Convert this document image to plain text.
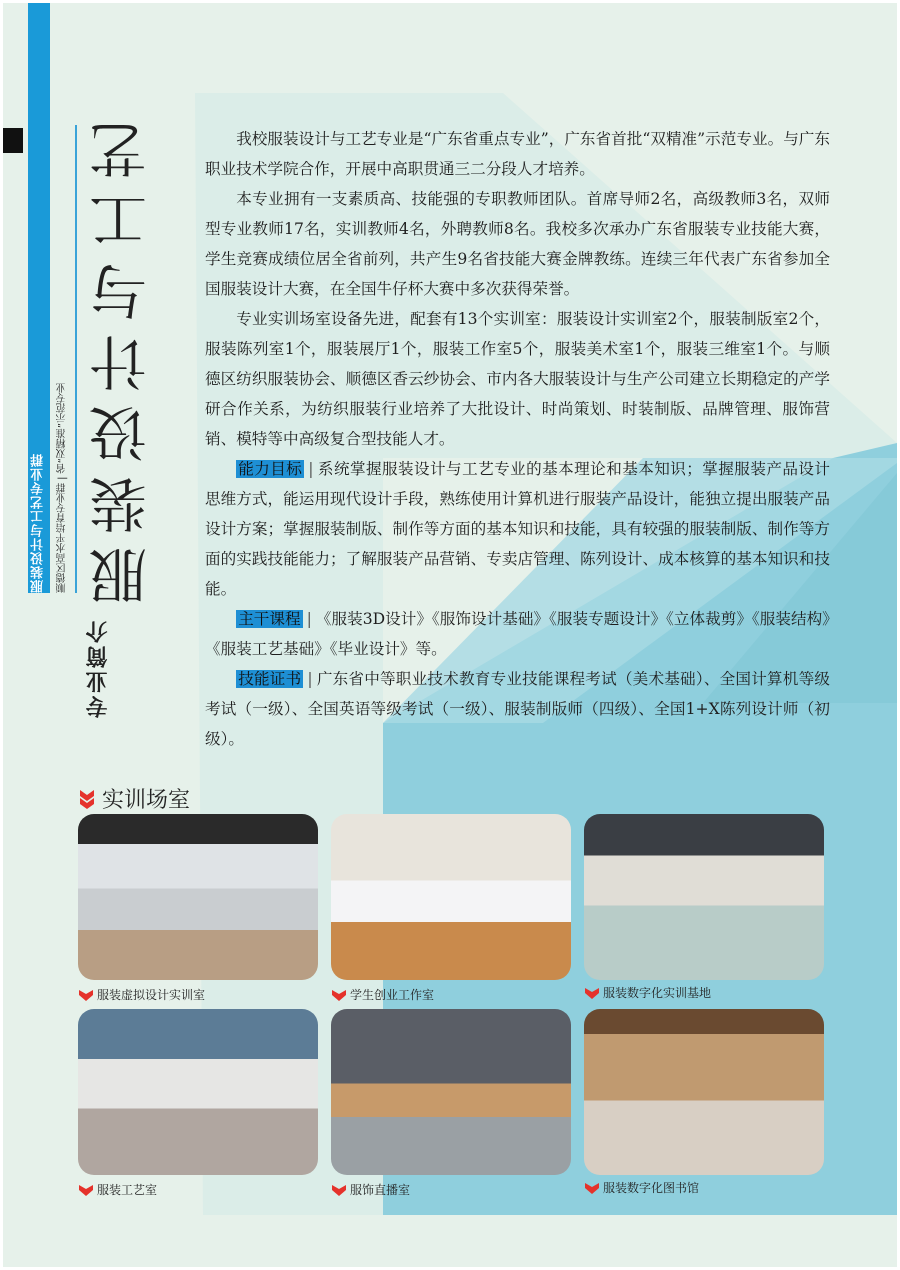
服装设计与工艺专业群 顺德区高水平培育专业群 | 省“双精准”示范专业 服装设计与工艺
专业简介

我校服装设计与工艺专业是“广东省重点专业”，广东省首批“双精准”示范专业。与广东职业技术学院合作，开展中高职贯通三二分段人才培养。

本专业拥有一支素质高、技能强的专职教师团队。首席导师2名，高级教师3名，双师型专业教师17名，实训教师4名，外聘教师8名。我校多次承办广东省服装专业技能大赛，学生竞赛成绩位居全省前列，共产生9名省技能大赛金牌教练。连续三年代表广东省参加全国服装设计大赛，在全国牛仔杯大赛中多次获得荣誉。

专业实训场室设备先进，配套有13个实训室：服装设计实训室2个，服装制版室2个，服装陈列室1个，服装展厅1个，服装工作室5个，服装美术室1个，服装三维室1个。与顺德区纺织服装协会、顺德区香云纱协会、市内各大服装设计与生产公司建立长期稳定的产学研合作关系，为纺织服装行业培养了大批设计、时尚策划、时装制版、品牌管理、服饰营销、模特等中高级复合型技能人才。

能力目标 | 系统掌握服装设计与工艺专业的基本理论和基本知识；掌握服装产品设计思维方式，能运用现代设计手段，熟练使用计算机进行服装产品设计，能独立提出服装产品设计方案；掌握服装制版、制作等方面的基本知识和技能，具有较强的服装制版、制作等方面的实践技能能力；了解服装产品营销、专卖店管理、陈列设计、成本核算的基本知识和技能。

主干课程 | 《服装3D设计》《服饰设计基础》《服装专题设计》《立体裁剪》《服装结构》《服装工艺基础》《毕业设计》等。

技能证书 | 广东省中等职业技术教育专业技能课程考试（美术基础）、全国计算机等级考试（一级）、全国英语等级考试（一级）、服装制版师（四级）、全国1+X陈列设计师（初级）。

实训场室
服装虚拟设计实训室	学生创业工作室	服装数字化实训基地
服装工艺室	服饰直播室	服装数字化图书馆
